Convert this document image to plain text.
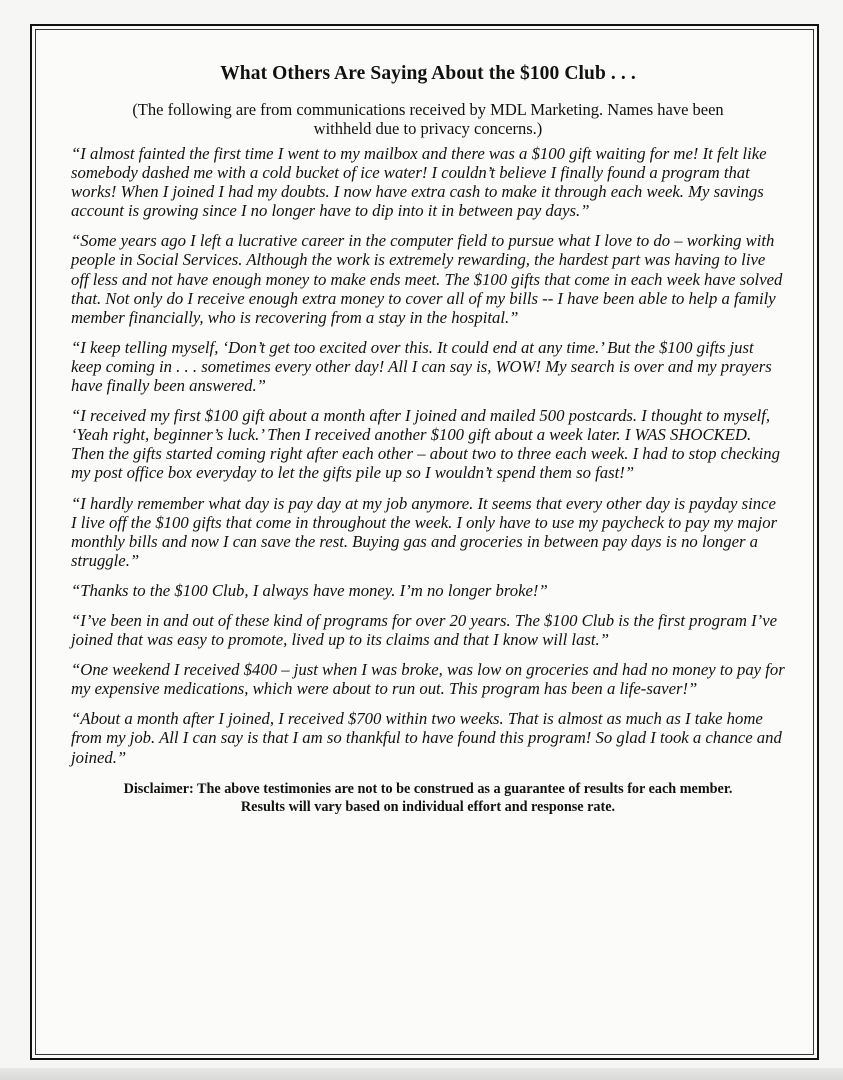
What Others Are Saying About the $100 Club . . .

(The following are from communications received by MDL Marketing. Names have been withheld due to privacy concerns.)

“I almost fainted the first time I went to my mailbox and there was a $100 gift waiting for me! It felt like somebody dashed me with a cold bucket of ice water! I couldn’t believe I finally found a program that works! When I joined I had my doubts. I now have extra cash to make it through each week. My savings account is growing since I no longer have to dip into it in between pay days.”

“Some years ago I left a lucrative career in the computer field to pursue what I love to do – working with people in Social Services. Although the work is extremely rewarding, the hardest part was having to live off less and not have enough money to make ends meet. The $100 gifts that come in each week have solved that. Not only do I receive enough extra money to cover all of my bills -- I have been able to help a family member financially, who is recovering from a stay in the hospital.”

“I keep telling myself, ‘Don’t get too excited over this. It could end at any time.’ But the $100 gifts just keep coming in . . . sometimes every other day! All I can say is, WOW! My search is over and my prayers have finally been answered.”

“I received my first $100 gift about a month after I joined and mailed 500 postcards. I thought to myself, ‘Yeah right, beginner’s luck.’ Then I received another $100 gift about a week later. I WAS SHOCKED. Then the gifts started coming right after each other – about two to three each week. I had to stop checking my post office box everyday to let the gifts pile up so I wouldn’t spend them so fast!”

“I hardly remember what day is pay day at my job anymore. It seems that every other day is payday since I live off the $100 gifts that come in throughout the week. I only have to use my paycheck to pay my major monthly bills and now I can save the rest. Buying gas and groceries in between pay days is no longer a struggle.”

“Thanks to the $100 Club, I always have money. I’m no longer broke!”

“I’ve been in and out of these kind of programs for over 20 years. The $100 Club is the first program I’ve joined that was easy to promote, lived up to its claims and that I know will last.”

“One weekend I received $400 – just when I was broke, was low on groceries and had no money to pay for my expensive medications, which were about to run out. This program has been a life-saver!”

“About a month after I joined, I received $700 within two weeks. That is almost as much as I take home from my job. All I can say is that I am so thankful to have found this program! So glad I took a chance and joined.”

Disclaimer: The above testimonies are not to be construed as a guarantee of results for each member. Results will vary based on individual effort and response rate.
